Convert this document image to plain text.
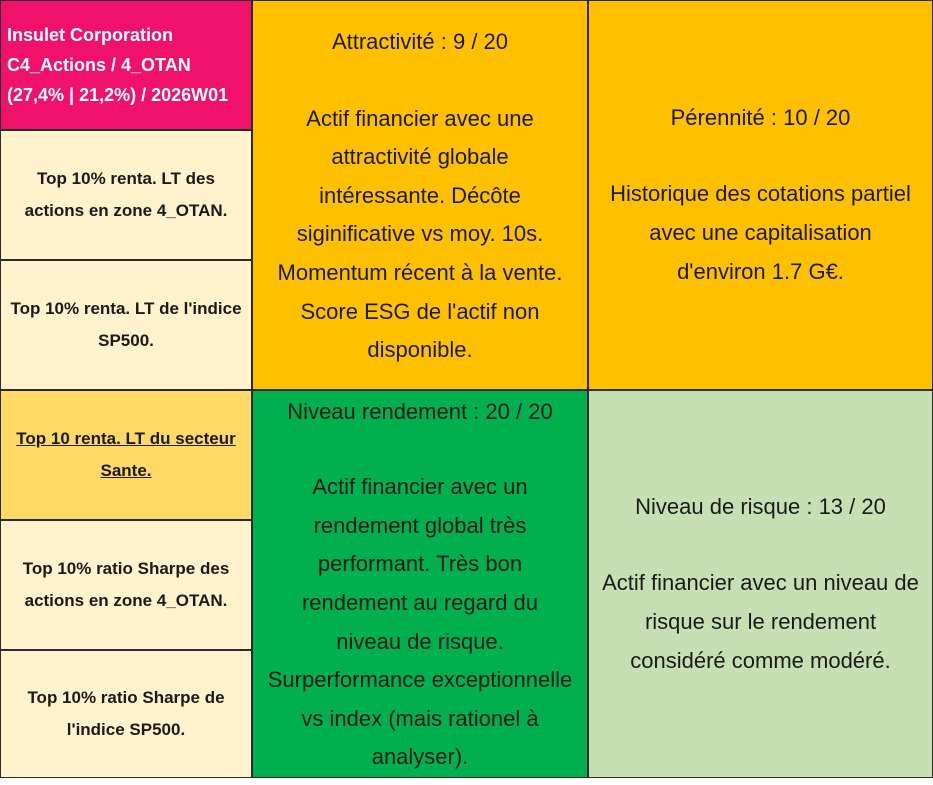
Insulet Corporation
C4_Actions / 4_OTAN
(27,4% | 21,2%) / 2026W01
Top 10% renta. LT des
actions en zone 4_OTAN.
Top 10% renta. LT de l'indice
SP500.
Top 10 renta. LT du secteur
Sante.
Top 10% ratio Sharpe des
actions en zone 4_OTAN.
Top 10% ratio Sharpe de
l'indice SP500.

Attractivité : 9 / 20

Actif financier avec une

attractivité globale

intéressante. Décôte

siginificative vs moy. 10s.

Momentum récent à la vente.

Score ESG de l'actif non

disponible.

Pérennité : 10 / 20

Historique des cotations partiel

avec une capitalisation

d'environ 1.7 G€.

Niveau rendement : 20 / 20

Actif financier avec un

rendement global très

performant. Très bon

rendement au regard du

niveau de risque.

Surperformance exceptionnelle

vs index (mais rationel à

analyser).

Niveau de risque : 13 / 20

Actif financier avec un niveau de

risque sur le rendement

considéré comme modéré.
